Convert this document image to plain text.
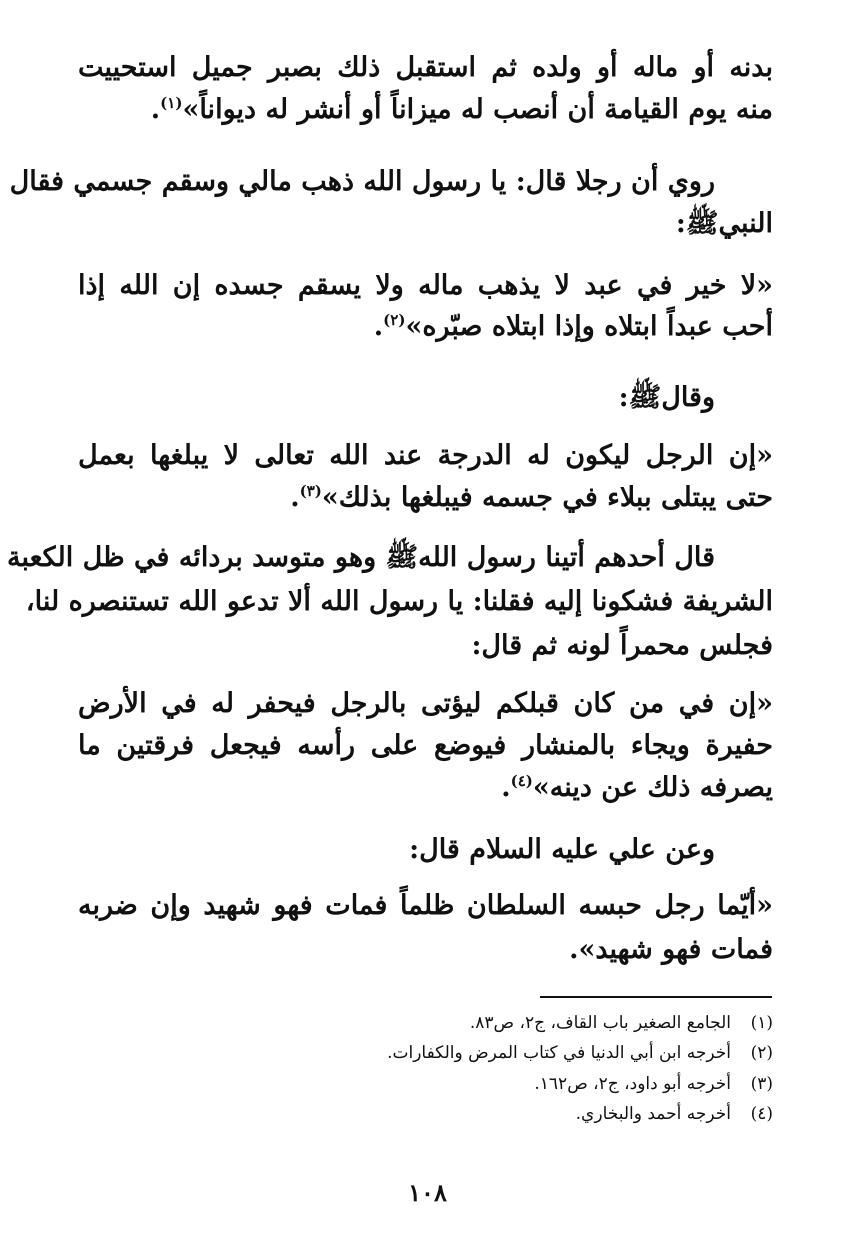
بدنه أو ماله أو ولده ثم استقبل ذلك بصبر جميل استحييت
منه يوم القيامة أن أنصب له ميزاناً أو أنشر له ديواناً»$^{(١)}$.
روي أن رجلا قال: يا رسول الله ذهب مالي وسقم جسمي فقال
النبيﷺ:
«لا خير في عبد لا يذهب ماله ولا يسقم جسده إن الله إذا
أحب عبداً ابتلاه وإذا ابتلاه صبّره»$^{(٢)}$.
وقالﷺ:
«إن الرجل ليكون له الدرجة عند الله تعالى لا يبلغها بعمل
حتى يبتلى ببلاء في جسمه فيبلغها بذلك»$^{(٣)}$.
قال أحدهم أتينا رسول اللهﷺ وهو متوسد بردائه في ظل الكعبة
الشريفة فشكونا إليه فقلنا: يا رسول الله ألا تدعو الله تستنصره لنا،
فجلس محمراً لونه ثم قال:
«إن في من كان قبلكم ليؤتى بالرجل فيحفر له في الأرض
حفيرة ويجاء بالمنشار فيوضع على رأسه فيجعل فرقتين ما
يصرفه ذلك عن دينه»$^{(٤)}$.
وعن علي عليه السلام قال:
«أيّما رجل حبسه السلطان ظلماً فمات فهو شهيد وإن ضربه
فمات فهو شهيد».
(١)الجامع الصغير باب القاف، ج٢، ص٨٣.
(٢)أخرجه ابن أبي الدنيا في كتاب المرض والكفارات.
(٣)أخرجه أبو داود، ج٢، ص١٦٢.
(٤)أخرجه أحمد والبخاري.
١٠٨
